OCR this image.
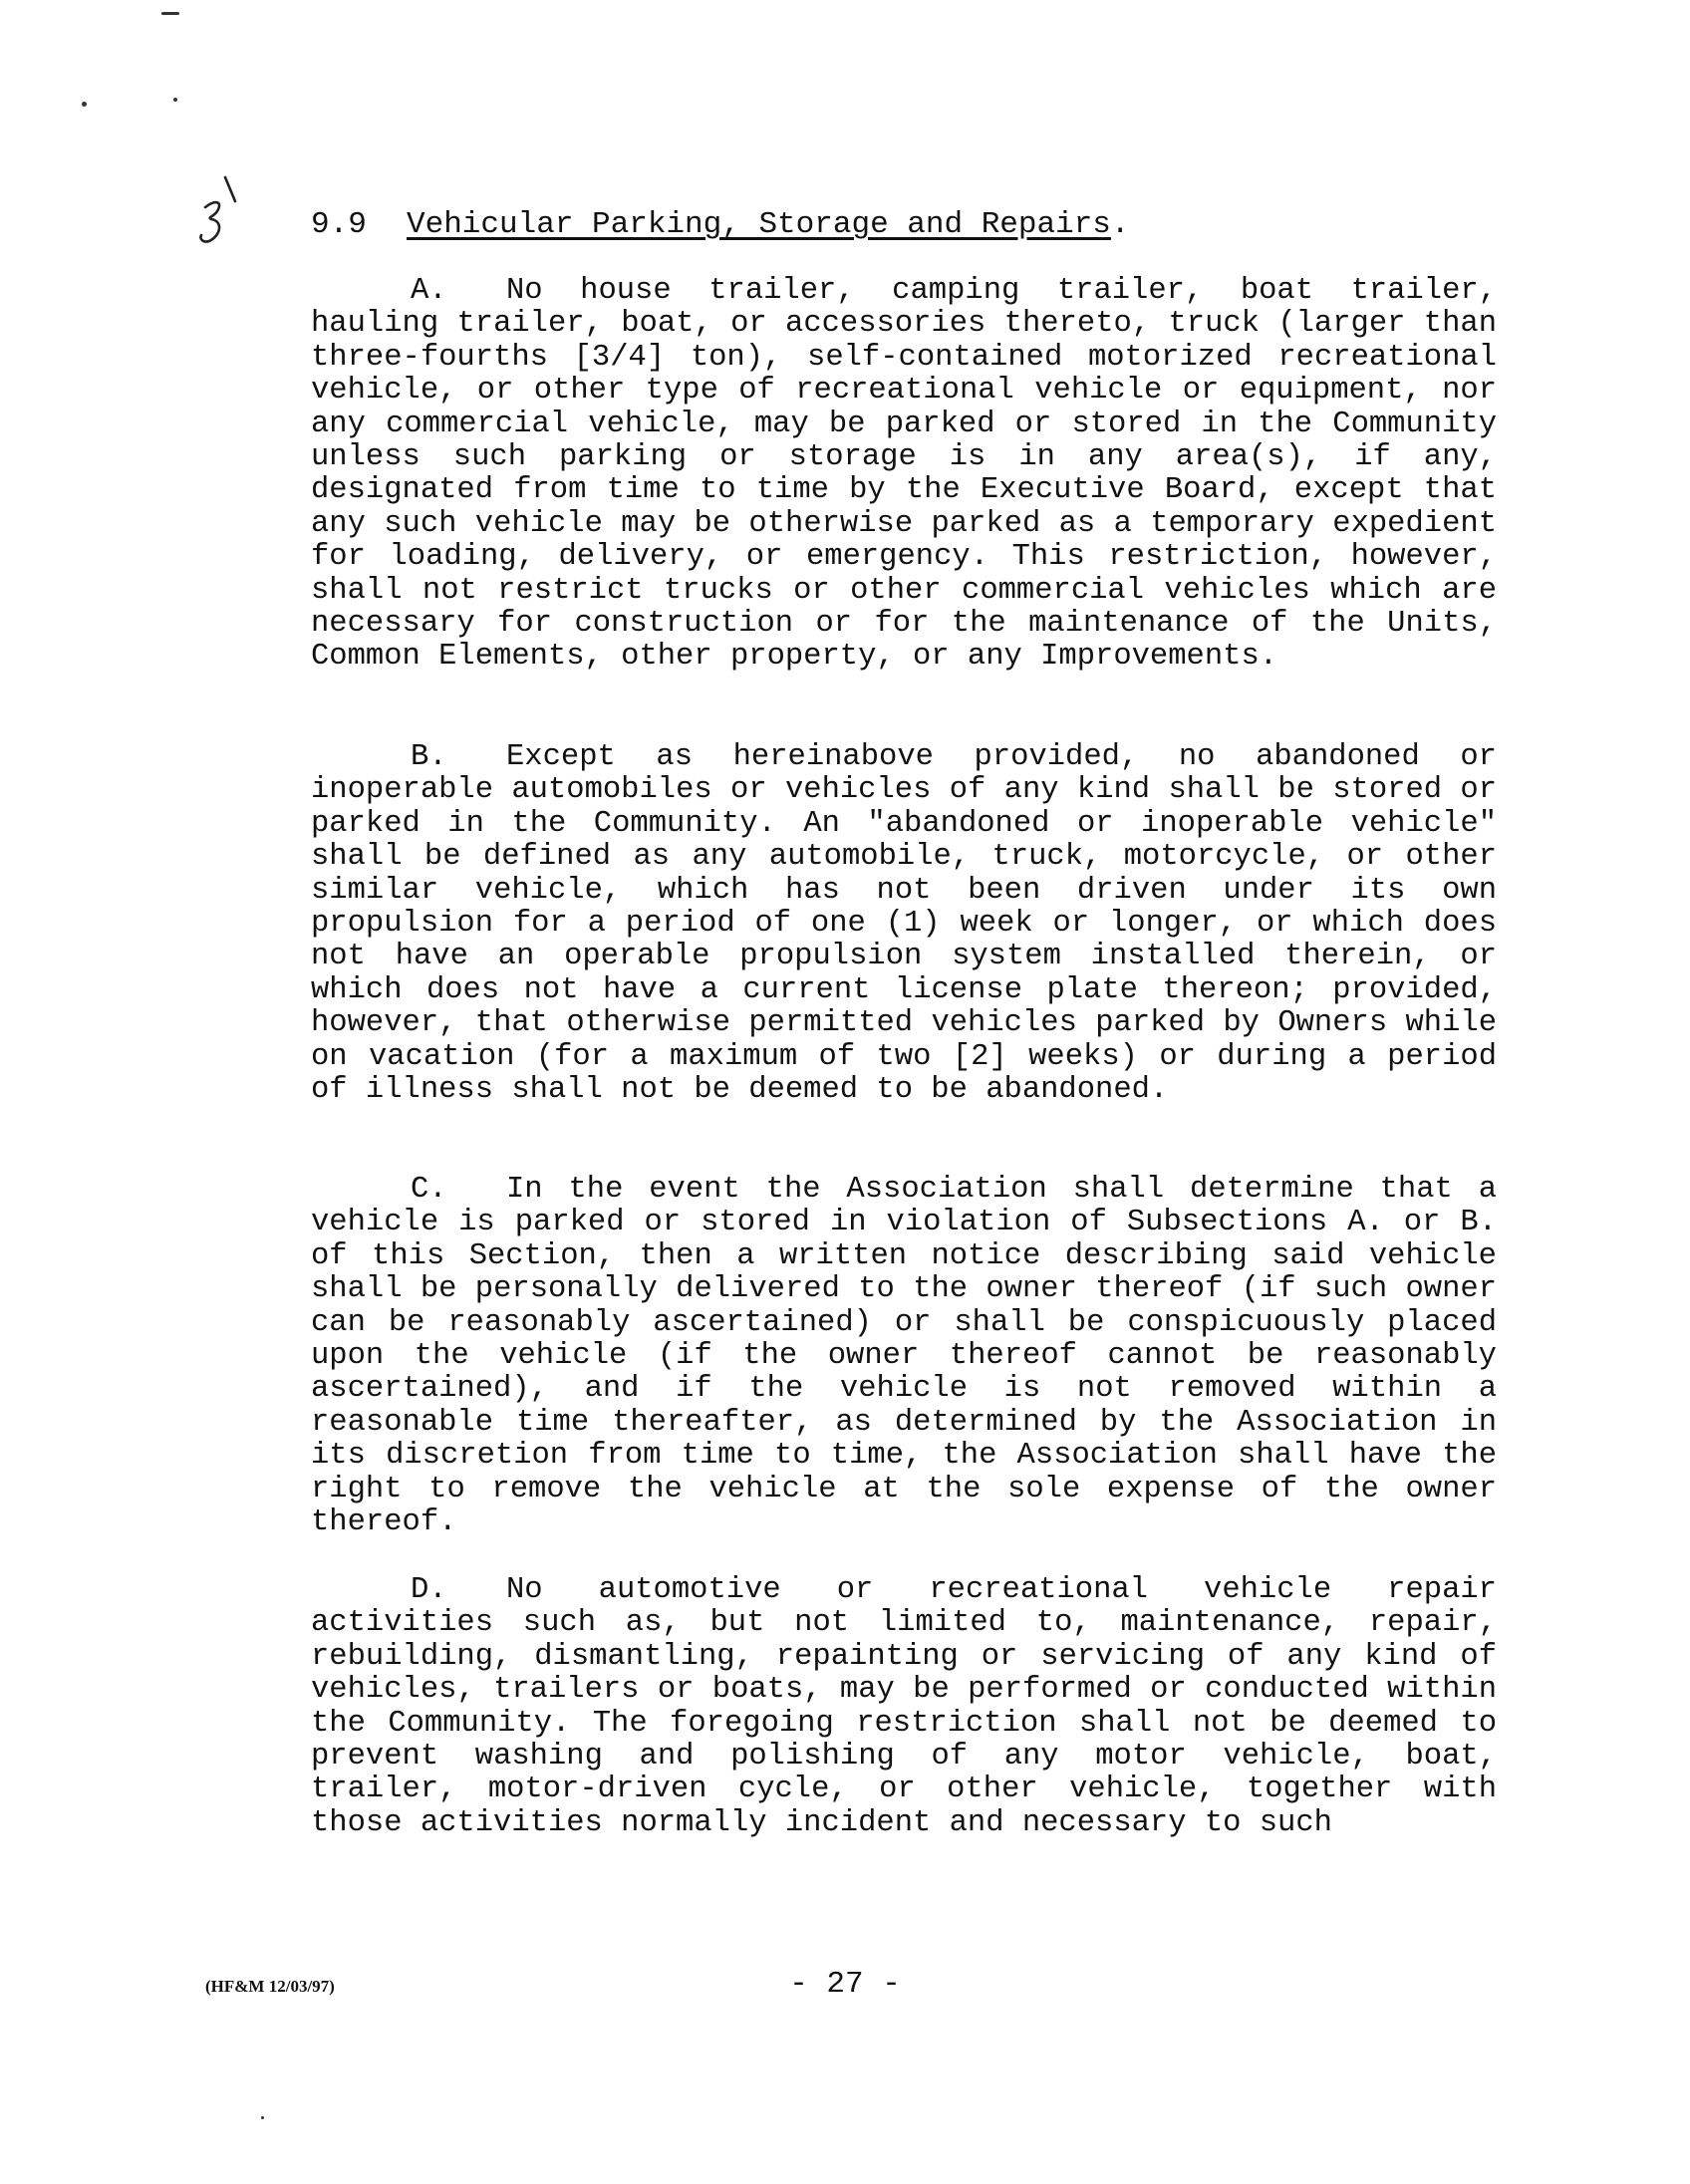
9.9 Vehicular Parking, Storage and Repairs.

A. No house trailer, camping trailer, boat trailer, hauling trailer, boat, or accessories thereto, truck (larger than three-fourths [3/4] ton), self-contained motorized recreational vehicle, or other type of recreational vehicle or equipment, nor any commercial vehicle, may be parked or stored in the Community unless such parking or storage is in any area(s), if any, designated from time to time by the Executive Board, except that any such vehicle may be otherwise parked as a temporary expedient for loading, delivery, or emergency. This restriction, however, shall not restrict trucks or other commercial vehicles which are necessary for construction or for the maintenance of the Units, Common Elements, other property, or any Improvements.

B. Except as hereinabove provided, no abandoned or inoperable automobiles or vehicles of any kind shall be stored or parked in the Community. An "abandoned or inoperable vehicle" shall be defined as any automobile, truck, motorcycle, or other similar vehicle, which has not been driven under its own propulsion for a period of one (1) week or longer, or which does not have an operable propulsion system installed therein, or which does not have a current license plate thereon; provided, however, that otherwise permitted vehicles parked by Owners while on vacation (for a maximum of two [2] weeks) or during a period of illness shall not be deemed to be abandoned.

C. In the event the Association shall determine that a vehicle is parked or stored in violation of Subsections A. or B. of this Section, then a written notice describing said vehicle shall be personally delivered to the owner thereof (if such owner can be reasonably ascertained) or shall be conspicuously placed upon the vehicle (if the owner thereof cannot be reasonably ascertained), and if the vehicle is not removed within a reasonable time thereafter, as determined by the Association in its discretion from time to time, the Association shall have the right to remove the vehicle at the sole expense of the owner thereof.

D. No automotive or recreational vehicle repair activities such as, but not limited to, maintenance, repair, rebuilding, dismantling, repainting or servicing of any kind of vehicles, trailers or boats, may be performed or conducted within the Community. The foregoing restriction shall not be deemed to prevent washing and polishing of any motor vehicle, boat, trailer, motor-driven cycle, or other vehicle, together with those activities normally incident and necessary to such

(HF&M 12/03/97)	- 27 -
